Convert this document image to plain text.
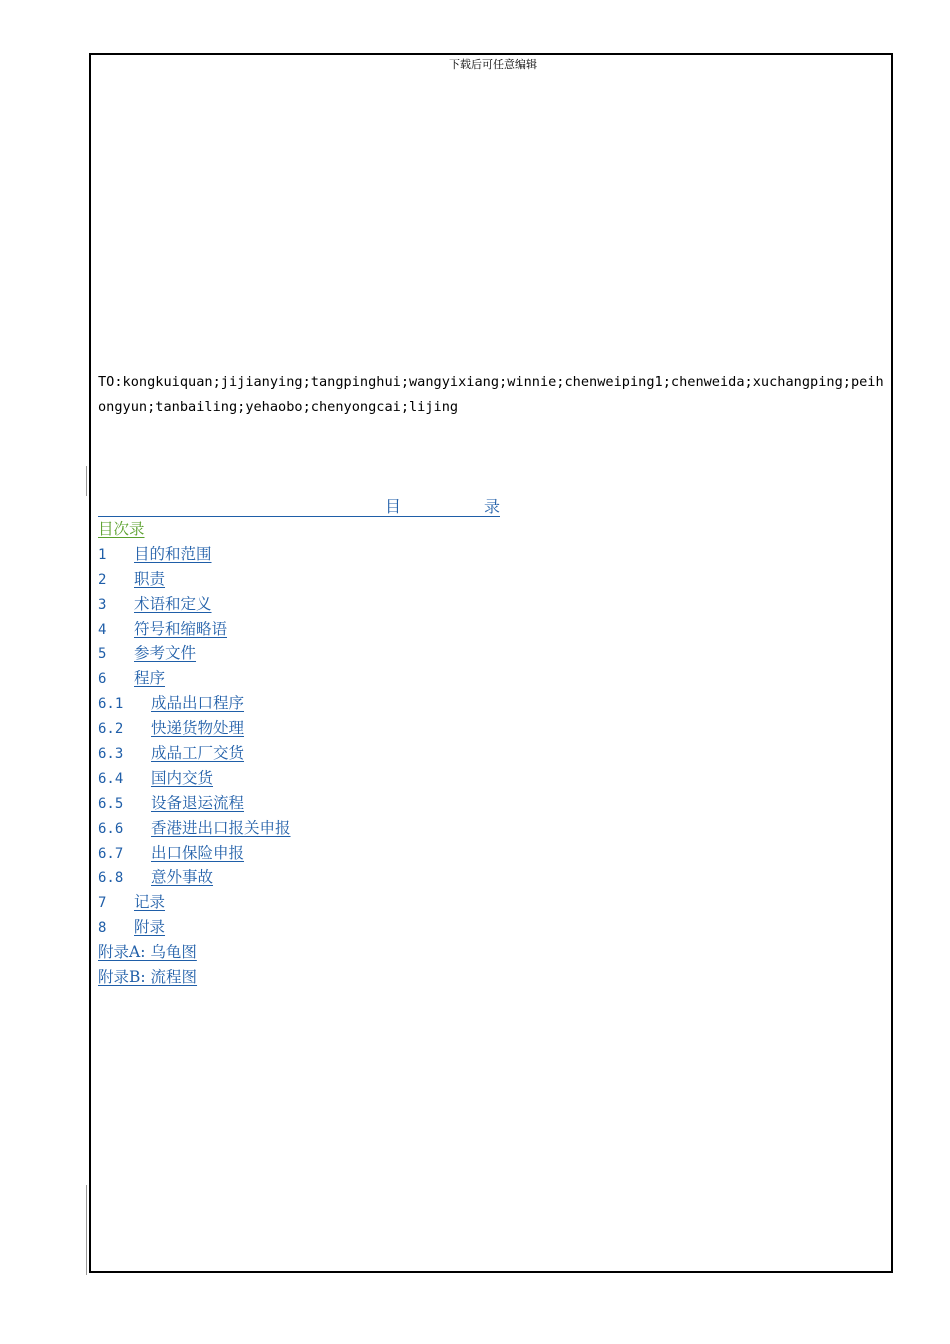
下载后可任意编辑
TO:kongkuiquan;jijianying;tangpinghui;wangyixiang;winnie;chenweiping1;chenweida;xuchangping;peihongyun;tanbailing;yehaobo;chenyongcai;lijing
目	录
目次录
1 目的和范围
2 职责
3 术语和定义
4 符号和缩略语
5 参考文件
6 程序
6.1 成品出口程序
6.2 快递货物处理
6.3 成品工厂交货
6.4 国内交货
6.5 设备退运流程
6.6 香港进出口报关申报
6.7 出口保险申报
6.8 意外事故
7 记录
8 附录
附录A: 乌龟图
附录B: 流程图
